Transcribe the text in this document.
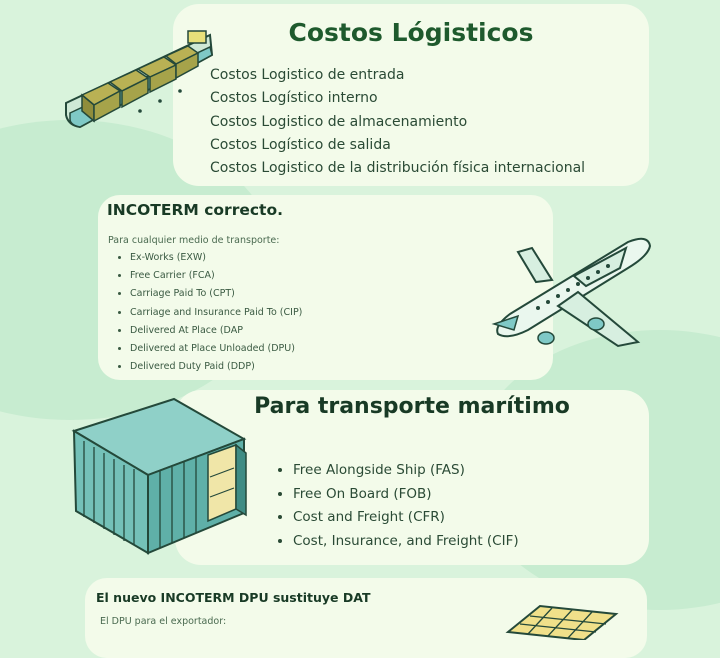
Costos Lógisticos
Costos Logistico de entrada
Costos Logístico interno
Costos Logistico de almacenamiento
Costos Logístico de salida
Costos Logistico de la distribución física internacional
INCOTERM correcto.
Para cualquier medio de transporte:
• Ex-Works (EXW)
• Free Carrier (FCA)
• Carriage Paid To (CPT)
• Carriage and Insurance Paid To (CIP)
• Delivered At Place (DAP
• Delivered at Place Unloaded (DPU)
• Delivered Duty Paid (DDP)
Para transporte marítimo
• Free Alongside Ship (FAS)
• Free On Board (FOB)
• Cost and Freight (CFR)
• Cost, Insurance, and Freight (CIF)
El nuevo INCOTERM DPU sustituye DAT
El DPU para el exportador:
